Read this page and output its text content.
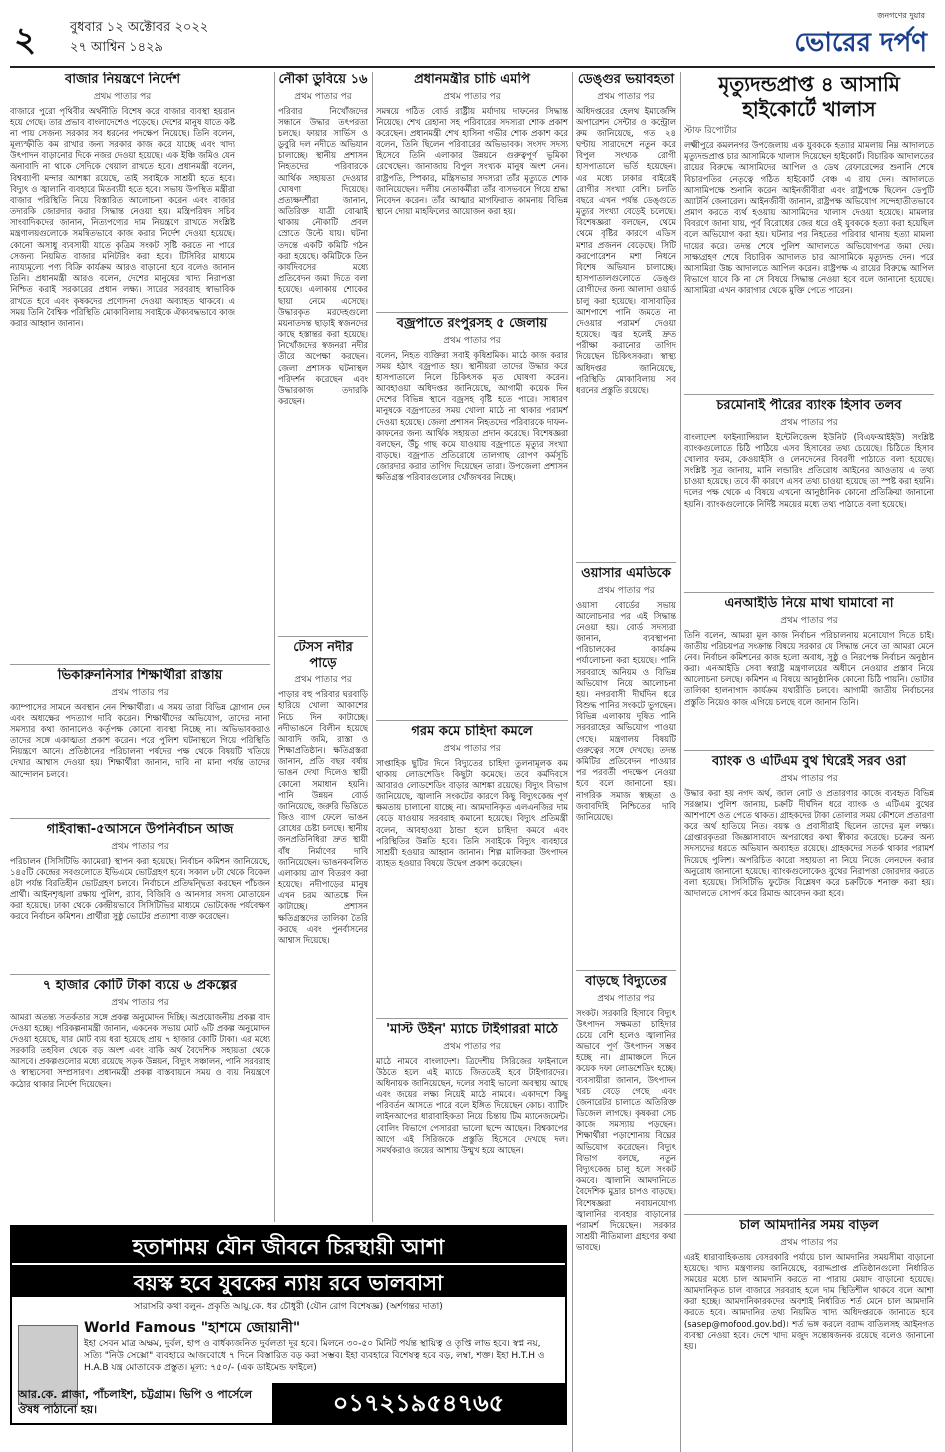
২	বুধবার ১২ অক্টোবর ২০২২
২৭ আশ্বিন ১৪২৯
জনগণের দুয়ার
ভোরের দর্পণ
বাজার নিয়ন্ত্রণে নির্দেশ
প্রথম পাতার পর

বাজারে পুরো পৃথিবীর অর্থনীতি বিশেষ করে বাজার ব্যবস্থা হয়রান হয়ে গেছে। তার প্রভাব বাংলাদেশেও পড়েছে। দেশের মানুষ যাতে কষ্ট না পায় সেজন্য সরকার সব ধরনের পদক্ষেপ নিয়েছে। তিনি বলেন, মূল্যস্ফীতি কম রাখার জন্য সরকার কাজ করে যাচ্ছে এবং খাদ্য উৎপাদন বাড়ানোর দিকে নজর দেওয়া হয়েছে। এক ইঞ্চি জমিও যেন অনাবাদি না থাকে সেদিকে খেয়াল রাখতে হবে। প্রধানমন্ত্রী বলেন, বিশ্বব্যাপী মন্দার আশঙ্কা রয়েছে, তাই সবাইকে সাশ্রয়ী হতে হবে। বিদ্যুৎ ও জ্বালানি ব্যবহারে মিতব্যয়ী হতে হবে। সভায় উপস্থিত মন্ত্রীরা বাজার পরিস্থিতি নিয়ে বিস্তারিত আলোচনা করেন এবং বাজার তদারকি জোরদার করার সিদ্ধান্ত নেওয়া হয়। মন্ত্রিপরিষদ সচিব সাংবাদিকদের জানান, নিত্যপণ্যের দাম নিয়ন্ত্রণে রাখতে সংশ্লিষ্ট মন্ত্রণালয়গুলোকে সমন্বিতভাবে কাজ করার নির্দেশ দেওয়া হয়েছে। কোনো অসাধু ব্যবসায়ী যাতে কৃত্রিম সংকট সৃষ্টি করতে না পারে সেজন্য নিয়মিত বাজার মনিটরিং করা হবে। টিসিবির মাধ্যমে ন্যায্যমূল্যে পণ্য বিক্রি কার্যক্রম আরও বাড়ানো হবে বলেও জানান তিনি। প্রধানমন্ত্রী আরও বলেন, দেশের মানুষের খাদ্য নিরাপত্তা নিশ্চিত করাই সরকারের প্রধান লক্ষ্য। সারের সরবরাহ স্বাভাবিক রাখতে হবে এবং কৃষকদের প্রণোদনা দেওয়া অব্যাহত থাকবে। এ সময় তিনি বৈশ্বিক পরিস্থিতি মোকাবিলায় সবাইকে ঐক্যবদ্ধভাবে কাজ করার আহ্বান জানান।

ভিকারুননিসার শিক্ষার্থীরা রাস্তায়
প্রথম পাতার পর

ক্যাম্পাসের সামনে অবস্থান নেন শিক্ষার্থীরা। এ সময় তারা বিভিন্ন স্লোগান দেন এবং অধ্যক্ষের পদত্যাগ দাবি করেন। শিক্ষার্থীদের অভিযোগ, তাদের নানা সমস্যার কথা জানালেও কর্তৃপক্ষ কোনো ব্যবস্থা নিচ্ছে না। অভিভাবকরাও তাদের সঙ্গে একাত্মতা প্রকাশ করেন। পরে পুলিশ ঘটনাস্থলে গিয়ে পরিস্থিতি নিয়ন্ত্রণে আনে। প্রতিষ্ঠানের পরিচালনা পর্ষদের পক্ষ থেকে বিষয়টি খতিয়ে দেখার আশ্বাস দেওয়া হয়। শিক্ষার্থীরা জানান, দাবি না মানা পর্যন্ত তাদের আন্দোলন চলবে।

গাইবান্ধা-৫আসনে উপনির্বাচন আজ
প্রথম পাতার পর

পরিচালন (সিসিটিভি ক্যামেরা) স্থাপন করা হয়েছে। নির্বাচন কমিশন জানিয়েছে, ১৪৫টি কেন্দ্রের সবগুলোতে ইভিএমে ভোটগ্রহণ হবে। সকাল ৮টা থেকে বিকেল ৪টা পর্যন্ত বিরতিহীন ভোটগ্রহণ চলবে। নির্বাচনে প্রতিদ্বন্দ্বিতা করছেন পাঁচজন প্রার্থী। আইনশৃঙ্খলা রক্ষায় পুলিশ, র‌্যাব, বিজিবি ও আনসার সদস্য মোতায়েন করা হয়েছে। ঢাকা থেকে কেন্দ্রীয়ভাবে সিসিটিভির মাধ্যমে ভোটকেন্দ্র পর্যবেক্ষণ করবে নির্বাচন কমিশন। প্রার্থীরা সুষ্ঠু ভোটের প্রত্যাশা ব্যক্ত করেছেন।

৭ হাজার কোটি টাকা ব্যয়ে ৬ প্রকল্পের
প্রথম পাতার পর

আমরা অতন্ত্য সতর্কতার সঙ্গে প্রকল্প অনুমোদন দিচ্ছি। অপ্রয়োজনীয় প্রকল্প বাদ দেওয়া হচ্ছে। পরিকল্পনামন্ত্রী জানান, একনেক সভায় মোট ৬টি প্রকল্প অনুমোদন দেওয়া হয়েছে, যার মোট ব্যয় ধরা হয়েছে প্রায় ৭ হাজার কোটি টাকা। এর মধ্যে সরকারি তহবিল থেকে বড় অংশ এবং বাকি অর্থ বৈদেশিক সহায়তা থেকে আসবে। প্রকল্পগুলোর মধ্যে রয়েছে সড়ক উন্নয়ন, বিদ্যুৎ সঞ্চালন, পানি সরবরাহ ও স্বাস্থ্যসেবা সম্প্রসারণ। প্রধানমন্ত্রী প্রকল্প বাস্তবায়নে সময় ও ব্যয় নিয়ন্ত্রণে কঠোর থাকার নির্দেশ দিয়েছেন।

নৌকা ডুবিয়ে ১৬
প্রথম পাতার পর

পরিবার নিখোঁজদের সন্ধানে উদ্ধার তৎপরতা চলছে। ফায়ার সার্ভিস ও ডুবুরি দল নদীতে অভিযান চালাচ্ছে। স্থানীয় প্রশাসন নিহতদের পরিবারকে আর্থিক সহায়তা দেওয়ার ঘোষণা দিয়েছে। প্রত্যক্ষদর্শীরা জানান, অতিরিক্ত যাত্রী বোঝাই থাকায় নৌকাটি প্রবল স্রোতে উল্টে যায়। ঘটনা তদন্তে একটি কমিটি গঠন করা হয়েছে। কমিটিকে তিন কার্যদিবসের মধ্যে প্রতিবেদন জমা দিতে বলা হয়েছে। এলাকায় শোকের ছায়া নেমে এসেছে। উদ্ধারকৃত মরদেহগুলো ময়নাতদন্ত ছাড়াই স্বজনদের কাছে হস্তান্তর করা হয়েছে। নিখোঁজদের স্বজনরা নদীর তীরে অপেক্ষা করছেন। জেলা প্রশাসক ঘটনাস্থল পরিদর্শন করেছেন এবং উদ্ধারকাজ তদারকি করছেন।

টেসস নদীর পাড়ে
প্রথম পাতার পর

পাড়ার বহু পরিবার ঘরবাড়ি হারিয়ে খোলা আকাশের নিচে দিন কাটাচ্ছে। নদীভাঙনে বিলীন হয়েছে আবাদি জমি, রাস্তা ও শিক্ষাপ্রতিষ্ঠান। ক্ষতিগ্রস্তরা জানান, প্রতি বছর বর্ষায় ভাঙন দেখা দিলেও স্থায়ী কোনো সমাধান হয়নি। পানি উন্নয়ন বোর্ড জানিয়েছে, জরুরি ভিত্তিতে জিও ব্যাগ ফেলে ভাঙন রোধের চেষ্টা চলছে। স্থানীয় জনপ্রতিনিধিরা দ্রুত স্থায়ী বাঁধ নির্মাণের দাবি জানিয়েছেন। ভাঙনকবলিত এলাকায় ত্রাণ বিতরণ করা হয়েছে। নদীপাড়ের মানুষ এখন চরম আতঙ্কে দিন কাটাচ্ছে। প্রশাসন ক্ষতিগ্রস্তদের তালিকা তৈরি করছে এবং পুনর্বাসনের আশ্বাস দিয়েছে।

প্রধানমন্ত্রীর চাচি এমপি
প্রথম পাতার পর

সমন্বয়ে গঠিত বোর্ড রাষ্ট্রীয় মর্যাদায় দাফনের সিদ্ধান্ত নিয়েছে। শেখ রেহানা সহ পরিবারের সদস্যরা শোক প্রকাশ করেছেন। প্রধানমন্ত্রী শেখ হাসিনা গভীর শোক প্রকাশ করে বলেন, তিনি ছিলেন পরিবারের অভিভাবক। সংসদ সদস্য হিসেবে তিনি এলাকার উন্নয়নে গুরুত্বপূর্ণ ভূমিকা রেখেছেন। জানাজায় বিপুল সংখ্যক মানুষ অংশ নেন। রাষ্ট্রপতি, স্পিকার, মন্ত্রিসভার সদস্যরা তাঁর মৃত্যুতে শোক জানিয়েছেন। দলীয় নেতাকর্মীরা তাঁর বাসভবনে গিয়ে শ্রদ্ধা নিবেদন করেন। তাঁর আত্মার মাগফিরাত কামনায় বিভিন্ন স্থানে দোয়া মাহফিলের আয়োজন করা হয়।

বজ্রপাতে রংপুরসহ ৫ জেলায়
প্রথম পাতার পর

বলেন, নিহত ব্যক্তিরা সবাই কৃষিশ্রমিক। মাঠে কাজ করার সময় হঠাৎ বজ্রপাত হয়। স্থানীয়রা তাদের উদ্ধার করে হাসপাতালে নিলে চিকিৎসক মৃত ঘোষণা করেন। আবহাওয়া অধিদপ্তর জানিয়েছে, আগামী কয়েক দিন দেশের বিভিন্ন স্থানে বজ্রসহ বৃষ্টি হতে পারে। সাধারণ মানুষকে বজ্রপাতের সময় খোলা মাঠে না থাকার পরামর্শ দেওয়া হয়েছে। জেলা প্রশাসন নিহতদের পরিবারকে দাফন-কাফনের জন্য আর্থিক সহায়তা প্রদান করেছে। বিশেষজ্ঞরা বলছেন, উঁচু গাছ কমে যাওয়ায় বজ্রপাতে মৃত্যুর সংখ্যা বাড়ছে। বজ্রপাত প্রতিরোধে তালগাছ রোপণ কর্মসূচি জোরদার করার তাগিদ দিয়েছেন তারা। উপজেলা প্রশাসন ক্ষতিগ্রস্ত পরিবারগুলোর খোঁজখবর নিচ্ছে।

গরম কমে চাহিদা কমলে
প্রথম পাতার পর

সাপ্তাহিক ছুটির দিনে বিদ্যুতের চাহিদা তুলনামূলক কম থাকায় লোডশেডিং কিছুটা কমেছে। তবে কর্মদিবসে আবারও লোডশেডিং বাড়ার আশঙ্কা রয়েছে। বিদ্যুৎ বিভাগ জানিয়েছে, জ্বালানি সংকটের কারণে কিছু বিদ্যুৎকেন্দ্র পূর্ণ ক্ষমতায় চালানো যাচ্ছে না। আমদানিকৃত এলএনজির দাম বেড়ে যাওয়ায় সরবরাহ কমানো হয়েছে। বিদ্যুৎ প্রতিমন্ত্রী বলেন, আবহাওয়া ঠান্ডা হলে চাহিদা কমবে এবং পরিস্থিতির উন্নতি হবে। তিনি সবাইকে বিদ্যুৎ ব্যবহারে সাশ্রয়ী হওয়ার আহ্বান জানান। শিল্প মালিকরা উৎপাদন ব্যাহত হওয়ার বিষয়ে উদ্বেগ প্রকাশ করেছেন।

'মাস্ট উইন' ম্যাচে টাইগাররা মাঠে
প্রথম পাতার পর

মাঠে নামবে বাংলাদেশ। ত্রিদেশীয় সিরিজের ফাইনালে উঠতে হলে এই ম্যাচে জিততেই হবে টাইগারদের। অধিনায়ক জানিয়েছেন, দলের সবাই ভালো অবস্থায় আছে এবং জয়ের লক্ষ্য নিয়েই মাঠে নামবে। একাদশে কিছু পরিবর্তন আসতে পারে বলে ইঙ্গিত দিয়েছেন কোচ। ব্যাটিং লাইনআপের ধারাবাহিকতা নিয়ে চিন্তায় টিম ম্যানেজমেন্ট। বোলিং বিভাগে পেসাররা ভালো ছন্দে আছেন। বিশ্বকাপের আগে এই সিরিজকে প্রস্তুতি হিসেবে দেখছে দল। সমর্থকরাও জয়ের আশায় উন্মুখ হয়ে আছেন।

ডেঙ্গুর ভয়াবহতা
প্রথম পাতার পর

অধিদপ্তরের হেলথ ইমার্জেন্সি অপারেশন সেন্টার ও কন্ট্রোল রুম জানিয়েছে, গত ২৪ ঘণ্টায় সারাদেশে নতুন করে বিপুল সংখ্যক রোগী হাসপাতালে ভর্তি হয়েছেন। এর মধ্যে ঢাকার বাইরেই রোগীর সংখ্যা বেশি। চলতি বছরে এখন পর্যন্ত ডেঙ্গুতে মৃত্যুর সংখ্যা বেড়েই চলেছে। বিশেষজ্ঞরা বলছেন, থেমে থেমে বৃষ্টির কারণে এডিস মশার প্রজনন বেড়েছে। সিটি করপোরেশন মশা নিধনে বিশেষ অভিযান চালাচ্ছে। হাসপাতালগুলোতে ডেঙ্গু রোগীদের জন্য আলাদা ওয়ার্ড চালু করা হয়েছে। বাসাবাড়ির আশপাশে পানি জমতে না দেওয়ার পরামর্শ দেওয়া হয়েছে। জ্বর হলেই দ্রুত পরীক্ষা করানোর তাগিদ দিয়েছেন চিকিৎসকরা। স্বাস্থ্য অধিদপ্তর জানিয়েছে, পরিস্থিতি মোকাবিলায় সব ধরনের প্রস্তুতি রয়েছে।

ওয়াসার এমডিকে
প্রথম পাতার পর

ওয়াসা বোর্ডের সভায় আলোচনার পর এই সিদ্ধান্ত নেওয়া হয়। বোর্ড সদস্যরা জানান, ব্যবস্থাপনা পরিচালকের কার্যক্রম পর্যালোচনা করা হয়েছে। পানি সরবরাহে অনিয়ম ও বিভিন্ন অভিযোগ নিয়ে আলোচনা হয়। নগরবাসী দীর্ঘদিন ধরে বিশুদ্ধ পানির সংকটে ভুগছেন। বিভিন্ন এলাকায় দূষিত পানি সরবরাহের অভিযোগ পাওয়া গেছে। মন্ত্রণালয় বিষয়টি গুরুত্বের সঙ্গে দেখছে। তদন্ত কমিটির প্রতিবেদন পাওয়ার পর পরবর্তী পদক্ষেপ নেওয়া হবে বলে জানানো হয়। নাগরিক সমাজ স্বচ্ছতা ও জবাবদিহি নিশ্চিতের দাবি জানিয়েছে।

বাড়ছে বিদ্যুতের
প্রথম পাতার পর

সংকট। সরকারি হিসাবে বিদ্যুৎ উৎপাদন সক্ষমতা চাহিদার চেয়ে বেশি হলেও জ্বালানির অভাবে পূর্ণ উৎপাদন সম্ভব হচ্ছে না। গ্রামাঞ্চলে দিনে কয়েক দফা লোডশেডিং হচ্ছে। ব্যবসায়ীরা জানান, উৎপাদন খরচ বেড়ে গেছে এবং জেনারেটর চালাতে অতিরিক্ত ডিজেল লাগছে। কৃষকরা সেচ কাজে সমস্যায় পড়ছেন। শিক্ষার্থীরা পড়াশোনায় বিঘ্নের অভিযোগ করেছেন। বিদ্যুৎ বিভাগ বলছে, নতুন বিদ্যুৎকেন্দ্র চালু হলে সংকট কমবে। জ্বালানি আমদানিতে বৈদেশিক মুদ্রার চাপও বাড়ছে। বিশেষজ্ঞরা নবায়নযোগ্য জ্বালানির ব্যবহার বাড়ানোর পরামর্শ দিয়েছেন। সরকার সাশ্রয়ী নীতিমালা গ্রহণের কথা ভাবছে।

মৃত্যুদন্ডপ্রাপ্ত ৪ আসামি হাইকোর্টে খালাস
স্টাফ রিপোর্টার

লক্ষ্মীপুরে কমলনগর উপজেলায় এক যুবককে হত্যার মামলায় নিম্ন আদালতে মৃত্যুদন্ডপ্রাপ্ত চার আসামিকে খালাস দিয়েছেন হাইকোর্ট। বিচারিক আদালতের রায়ের বিরুদ্ধে আসামিদের আপিল ও ডেথ রেফারেন্সের শুনানি শেষে বিচারপতির নেতৃত্বে গঠিত হাইকোর্ট বেঞ্চ এ রায় দেন। আদালতে আসামিপক্ষে শুনানি করেন আইনজীবীরা এবং রাষ্ট্রপক্ষে ছিলেন ডেপুটি অ্যাটর্নি জেনারেল। আইনজীবী জানান, রাষ্ট্রপক্ষ অভিযোগ সন্দেহাতীতভাবে প্রমাণ করতে ব্যর্থ হওয়ায় আসামিদের খালাস দেওয়া হয়েছে। মামলার বিবরণে জানা যায়, পূর্ব বিরোধের জের ধরে ওই যুবককে হত্যা করা হয়েছিল বলে অভিযোগ করা হয়। ঘটনার পর নিহতের পরিবার থানায় হত্যা মামলা দায়ের করে। তদন্ত শেষে পুলিশ আদালতে অভিযোগপত্র জমা দেয়। সাক্ষ্যগ্রহণ শেষে বিচারিক আদালত চার আসামিকে মৃত্যুদন্ড দেন। পরে আসামিরা উচ্চ আদালতে আপিল করেন। রাষ্ট্রপক্ষ এ রায়ের বিরুদ্ধে আপিল বিভাগে যাবে কি না সে বিষয়ে সিদ্ধান্ত নেওয়া হবে বলে জানানো হয়েছে। আসামিরা এখন কারাগার থেকে মুক্তি পেতে পারেন।

চরমোনাই পীরের ব্যাংক হিসাব তলব
প্রথম পাতার পর

বাংলাদেশ ফাইন্যান্সিয়াল ইন্টেলিজেন্স ইউনিট (বিএফআইইউ) সংশ্লিষ্ট ব্যাংকগুলোতে চিঠি পাঠিয়ে এসব হিসাবের তথ্য চেয়েছে। চিঠিতে হিসাব খোলার ফরম, কেওয়াইসি ও লেনদেনের বিবরণী পাঠাতে বলা হয়েছে। সংশ্লিষ্ট সূত্র জানায়, মানি লন্ডারিং প্রতিরোধ আইনের আওতায় এ তথ্য চাওয়া হয়েছে। তবে কী কারণে এসব তথ্য চাওয়া হয়েছে তা স্পষ্ট করা হয়নি। দলের পক্ষ থেকে এ বিষয়ে এখনো আনুষ্ঠানিক কোনো প্রতিক্রিয়া জানানো হয়নি। ব্যাংকগুলোকে নির্দিষ্ট সময়ের মধ্যে তথ্য পাঠাতে বলা হয়েছে।

এনআইডি নিয়ে মাথা ঘামাবো না
প্রথম পাতার পর

তিনি বলেন, আমরা মূল কাজ নির্বাচন পরিচালনায় মনোযোগ দিতে চাই। জাতীয় পরিচয়পত্র সংক্রান্ত বিষয়ে সরকার যে সিদ্ধান্ত নেবে তা আমরা মেনে নেব। নির্বাচন কমিশনের কাজ হলো অবাধ, সুষ্ঠু ও নিরপেক্ষ নির্বাচন অনুষ্ঠান করা। এনআইডি সেবা স্বরাষ্ট্র মন্ত্রণালয়ের অধীনে নেওয়ার প্রস্তাব নিয়ে আলোচনা চলছে। কমিশন এ বিষয়ে আনুষ্ঠানিক কোনো চিঠি পায়নি। ভোটার তালিকা হালনাগাদ কার্যক্রম যথারীতি চলবে। আগামী জাতীয় নির্বাচনের প্রস্তুতি নিয়েও কাজ এগিয়ে চলছে বলে জানান তিনি।

ব্যাংক ও এটিএম বুথ ঘিরেই সরব ওরা
প্রথম পাতার পর

উদ্ধার করা হয় নগদ অর্থ, জাল নোট ও প্রতারণার কাজে ব্যবহৃত বিভিন্ন সরঞ্জাম। পুলিশ জানায়, চক্রটি দীর্ঘদিন ধরে ব্যাংক ও এটিএম বুথের আশপাশে ওত পেতে থাকত। গ্রাহকদের টাকা তোলার সময় কৌশলে প্রতারণা করে অর্থ হাতিয়ে নিত। বয়স্ক ও প্রবাসীরাই ছিলেন তাদের মূল লক্ষ্য। গ্রেপ্তারকৃতরা জিজ্ঞাসাবাদে অপরাধের কথা স্বীকার করেছে। চক্রের অন্য সদস্যদের ধরতে অভিযান অব্যাহত রয়েছে। গ্রাহকদের সতর্ক থাকার পরামর্শ দিয়েছে পুলিশ। অপরিচিত কারো সহায়তা না নিয়ে নিজে লেনদেন করার অনুরোধ জানানো হয়েছে। ব্যাংকগুলোকেও বুথের নিরাপত্তা জোরদার করতে বলা হয়েছে। সিসিটিভি ফুটেজ বিশ্লেষণ করে চক্রটিকে শনাক্ত করা হয়। আদালতে সোপর্দ করে রিমান্ড আবেদন করা হবে।

চাল আমদানির সময় বাড়ল
প্রথম পাতার পর

এরই ধারাবাহিকতায় বেসরকারি পর্যায়ে চাল আমদানির সময়সীমা বাড়ানো হয়েছে। খাদ্য মন্ত্রণালয় জানিয়েছে, বরাদ্দপ্রাপ্ত প্রতিষ্ঠানগুলো নির্ধারিত সময়ের মধ্যে চাল আমদানি করতে না পারায় মেয়াদ বাড়ানো হয়েছে। আমদানিকৃত চাল বাজারে সরবরাহ হলে দাম স্থিতিশীল থাকবে বলে আশা করা হচ্ছে। আমদানিকারকদের অবশ্যই নির্ধারিত শর্ত মেনে চাল আমদানি করতে হবে। আমদানির তথ্য নিয়মিত খাদ্য অধিদপ্তরকে জানাতে হবে (sasep@mofood.gov.bd)। শর্ত ভঙ্গ করলে বরাদ্দ বাতিলসহ আইনগত ব্যবস্থা নেওয়া হবে। দেশে খাদ্য মজুদ সন্তোষজনক রয়েছে বলেও জানানো হয়।

হতাশাময় যৌন জীবনে চিরস্থায়ী আশা
বয়স্ক হবে যুবকের ন্যায় রবে ভালবাসা
সারাসরি কথা বলুন- প্রকৃতি আয়ু.কে. ধর চৌধুরী (যৌন রোগ বিশেষজ্ঞ) (অর্শগন্তর দাতা)
World Famous "হাশমে জোয়ানী"
ইহা সেবন মাত্র অক্ষম, দুর্বল, হাপ ও বার্ধক্যজনিত দুর্বলতা দূর হবে। মিলনে ৩০-৫০ মিনিট পর্যন্ত স্থায়িত্ব ও তৃপ্তি লাভ হবে। স্বপ্ন নয়, সত্যি "নিউ সেক্সো" ব্যবহারে আজবোধে ৭ দিনে বিস্তারিত বড় করা সম্ভব। ইহা ব্যবহারে বিশেষত্ব হবে বড়, লম্বা, শক্ত। ইহা H.T.H ও H.A.B যন্ত্র মোতাবেক প্রস্তুত। মূল্য: ৭৫০/- (এক ডাইমেন্ড ফাইলে)
আর.কে. প্লাজা, পাঁচলাইশ, চট্টগ্রাম। ভিপি ও পার্সেলে ঔষধ পাঠানো হয়।	০১৭২১৯৫৪৭৬৫
